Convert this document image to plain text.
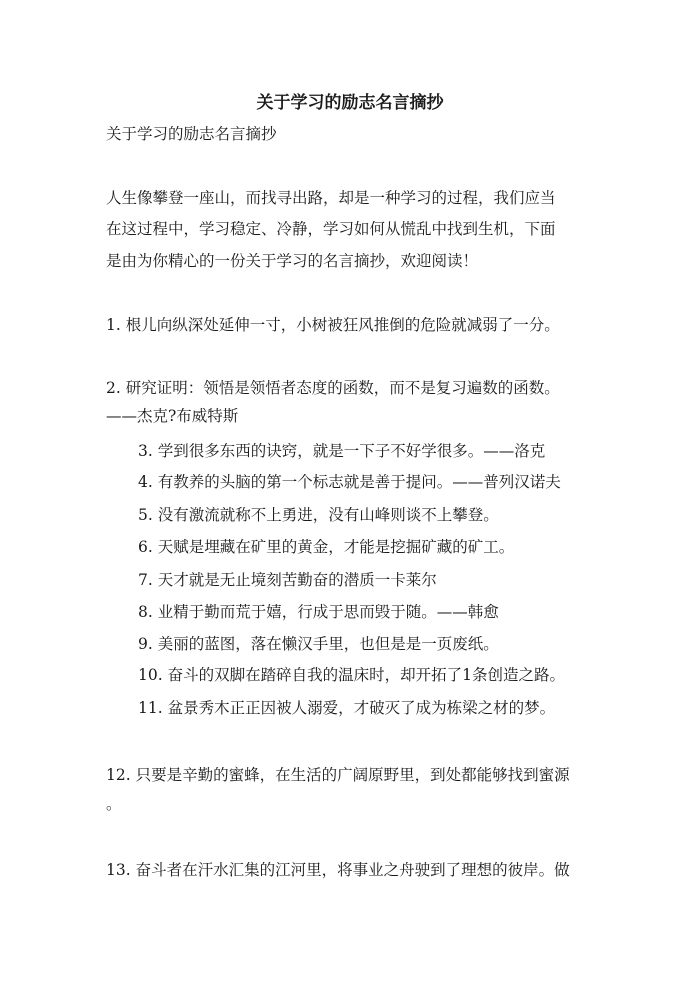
关于学习的励志名言摘抄
关于学习的励志名言摘抄
人生像攀登一座山，而找寻出路，却是一种学习的过程，我们应当
在这过程中，学习稳定、冷静，学习如何从慌乱中找到生机，下面
是由为你精心的一份关于学习的名言摘抄，欢迎阅读！
1. 根儿向纵深处延伸一寸，小树被狂风推倒的危险就减弱了一分。
2. 研究证明：领悟是领悟者态度的函数，而不是复习遍数的函数。
——杰克?布威特斯
3. 学到很多东西的诀窍，就是一下子不好学很多。——洛克
4. 有教养的头脑的第一个标志就是善于提问。——普列汉诺夫
5. 没有激流就称不上勇进，没有山峰则谈不上攀登。
6. 天赋是埋藏在矿里的黄金，才能是挖掘矿藏的矿工。
7. 天才就是无止境刻苦勤奋的潜质一卡莱尔
8. 业精于勤而荒于嬉，行成于思而毁于随。——韩愈
9. 美丽的蓝图，落在懒汉手里，也但是是一页废纸。
10. 奋斗的双脚在踏碎自我的温床时，却开拓了1条创造之路。
11. 盆景秀木正正因被人溺爱，才破灭了成为栋梁之材的梦。
12. 只要是辛勤的蜜蜂，在生活的广阔原野里，到处都能够找到蜜源
。
13. 奋斗者在汗水汇集的江河里，将事业之舟驶到了理想的彼岸。做
